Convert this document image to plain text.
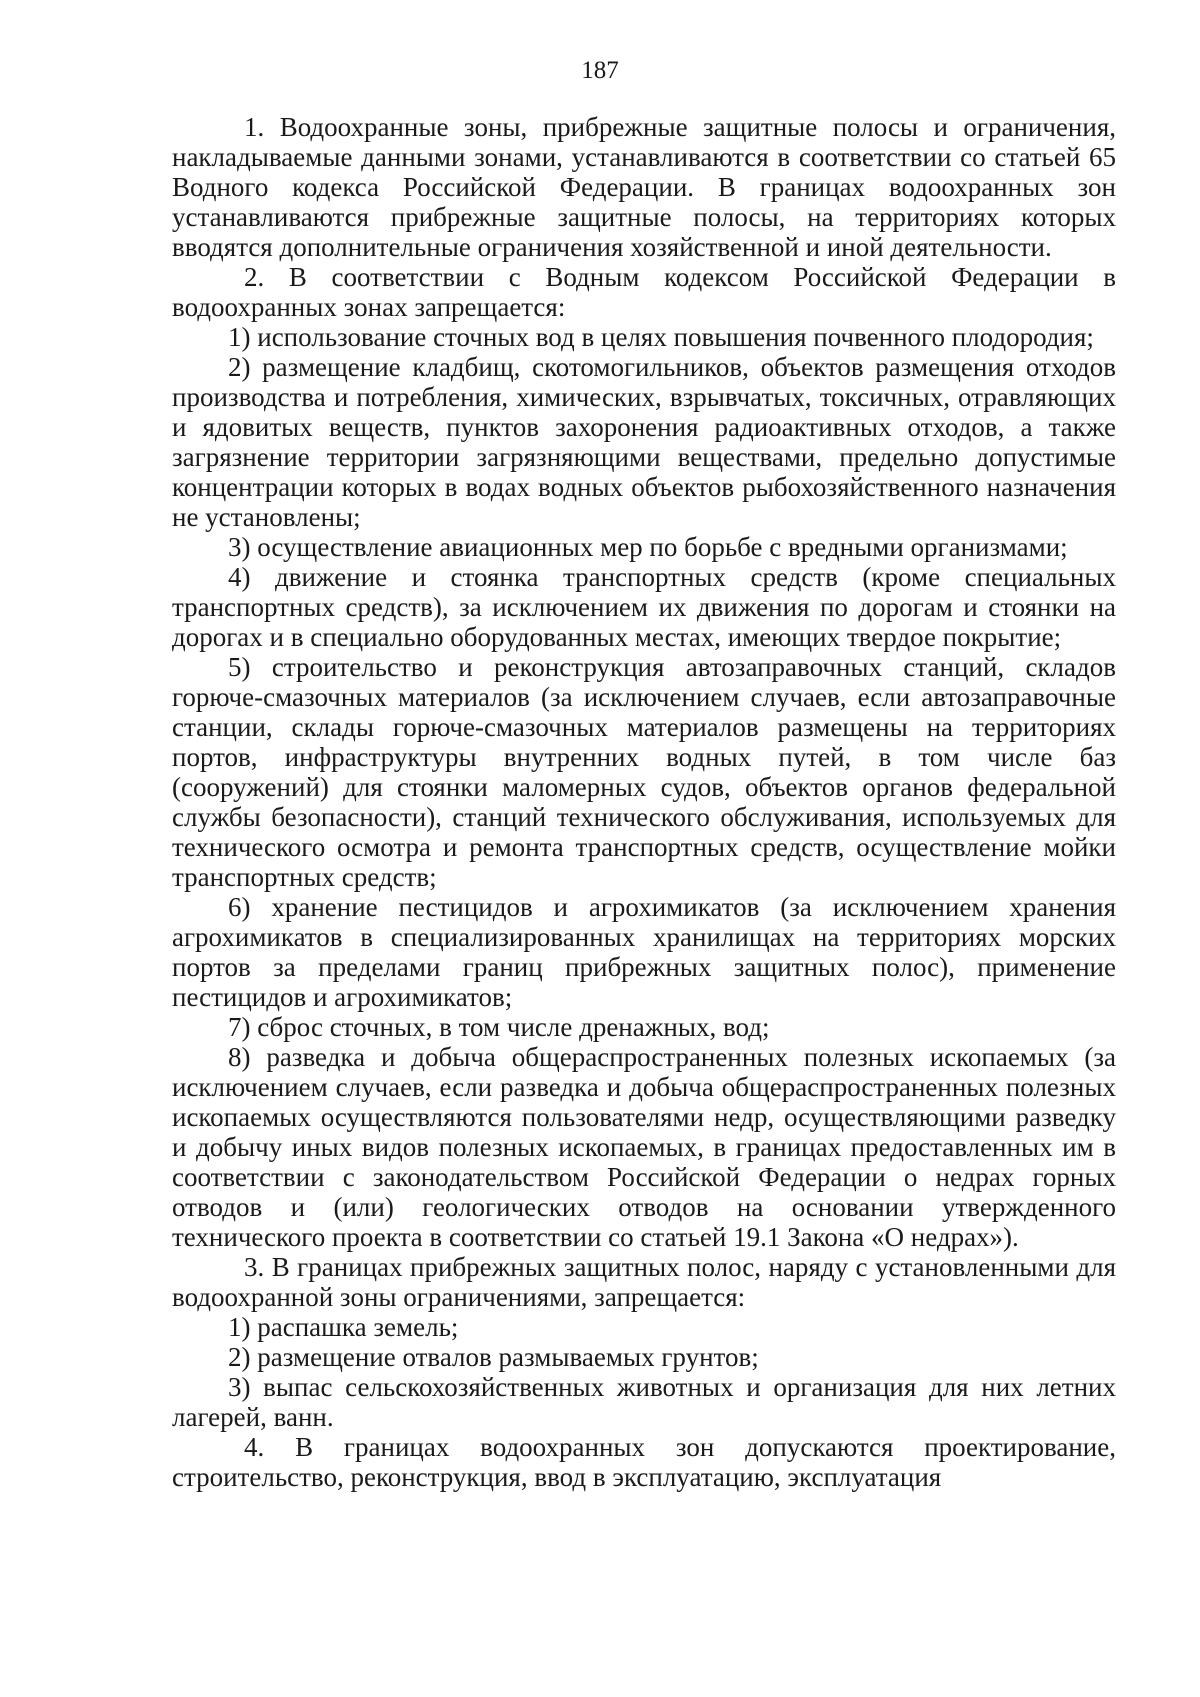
187

1. Водоохранные зоны, прибрежные защитные полосы и ограничения, накладываемые данными зонами, устанавливаются в соответствии со статьей 65 Водного кодекса Российской Федерации. В границах водоохранных зон устанавливаются прибрежные защитные полосы, на территориях которых вводятся дополнительные ограничения хозяйственной и иной деятельности.

2. В соответствии с Водным кодексом Российской Федерации в водоохранных зонах запрещается:

1) использование сточных вод в целях повышения почвенного плодородия;

2) размещение кладбищ, скотомогильников, объектов размещения отходов производства и потребления, химических, взрывчатых, токсичных, отравляющих и ядовитых веществ, пунктов захоронения радиоактивных отходов, а также загрязнение территории загрязняющими веществами, предельно допустимые концентрации которых в водах водных объектов рыбохозяйственного назначения не установлены;

3) осуществление авиационных мер по борьбе с вредными организмами;

4) движение и стоянка транспортных средств (кроме специальных транспортных средств), за исключением их движения по дорогам и стоянки на дорогах и в специально оборудованных местах, имеющих твердое покрытие;

5) строительство и реконструкция автозаправочных станций, складов горюче-смазочных материалов (за исключением случаев, если автозаправочные станции, склады горюче-смазочных материалов размещены на территориях портов, инфраструктуры внутренних водных путей, в том числе баз (сооружений) для стоянки маломерных судов, объектов органов федеральной службы безопасности), станций технического обслуживания, используемых для технического осмотра и ремонта транспортных средств, осуществление мойки транспортных средств;

6) хранение пестицидов и агрохимикатов (за исключением хранения агрохимикатов в специализированных хранилищах на территориях морских портов за пределами границ прибрежных защитных полос), применение пестицидов и агрохимикатов;

7) сброс сточных, в том числе дренажных, вод;

8) разведка и добыча общераспространенных полезных ископаемых (за исключением случаев, если разведка и добыча общераспространенных полезных ископаемых осуществляются пользователями недр, осуществляющими разведку и добычу иных видов полезных ископаемых, в границах предоставленных им в соответствии с законодательством Российской Федерации о недрах горных отводов и (или) геологических отводов на основании утвержденного технического проекта в соответствии со статьей 19.1 Закона «О недрах»).

3. В границах прибрежных защитных полос, наряду с установленными для водоохранной зоны ограничениями, запрещается:

1) распашка земель;

2) размещение отвалов размываемых грунтов;

3) выпас сельскохозяйственных животных и организация для них летних лагерей, ванн.

4. В границах водоохранных зон допускаются проектирование, строительство, реконструкция, ввод в эксплуатацию, эксплуатация
